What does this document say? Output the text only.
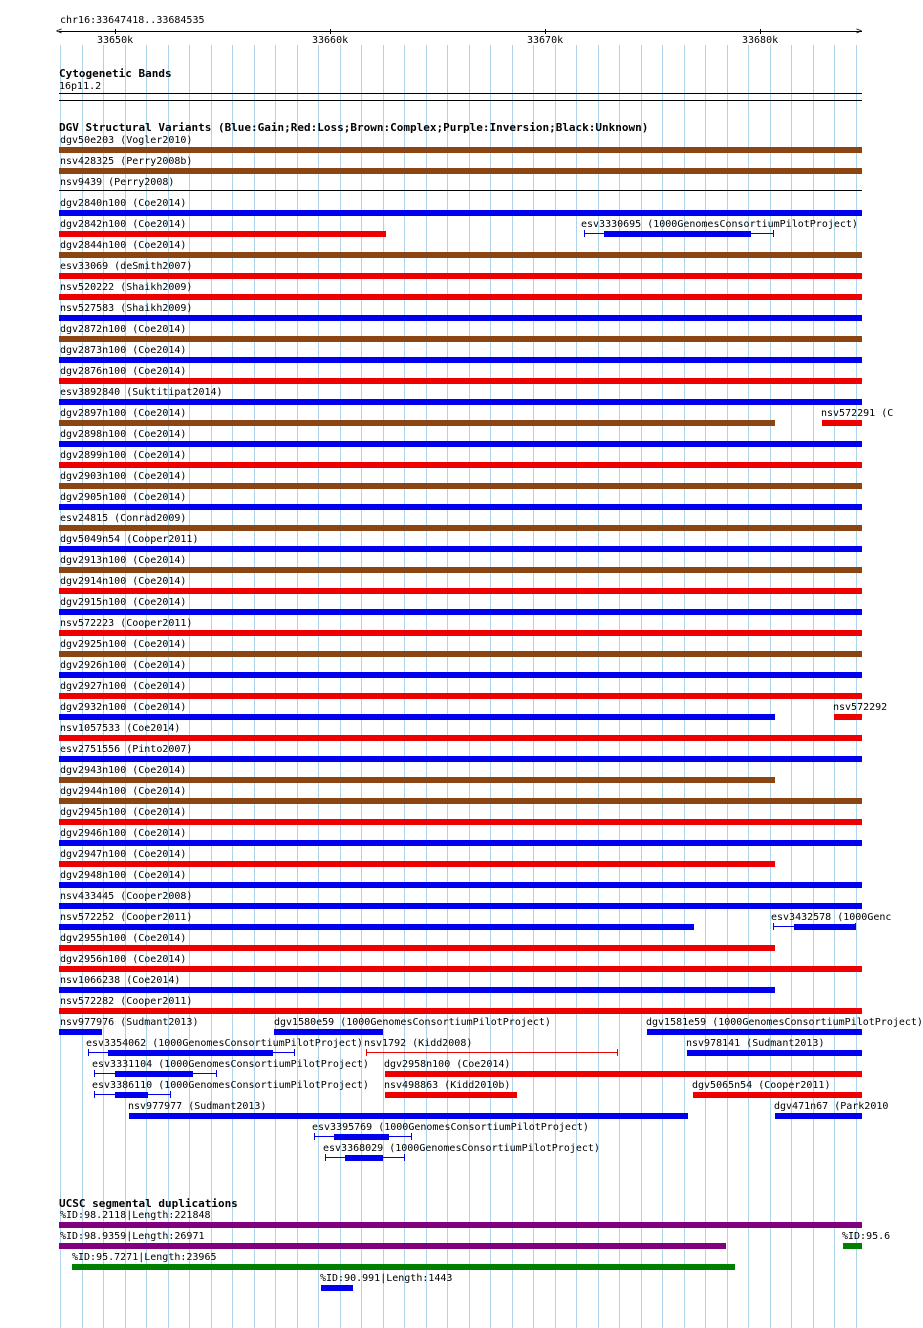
chr16:33647418..33684535
<	>
33650k	33660k	33670k	33680k
Cytogenetic Bands
16p11.2
DGV Structural Variants (Blue:Gain;Red:Loss;Brown:Complex;Purple:Inversion;Black:Unknown)
dgv50e203 (Vogler2010)
nsv428325 (Perry2008b)
nsv9439 (Perry2008)
dgv2840n100 (Coe2014)
dgv2842n100 (Coe2014)	esv3330695 (1000GenomesConsortiumPilotProject)
dgv2844n100 (Coe2014)
esv33069 (deSmith2007)
nsv520222 (Shaikh2009)
nsv527583 (Shaikh2009)
dgv2872n100 (Coe2014)
dgv2873n100 (Coe2014)
dgv2876n100 (Coe2014)
esv3892840 (Suktitipat2014)
dgv2897n100 (Coe2014)	nsv572291 (C
dgv2898n100 (Coe2014)
dgv2899n100 (Coe2014)
dgv2903n100 (Coe2014)
dgv2905n100 (Coe2014)
esv24815 (Conrad2009)
dgv5049n54 (Cooper2011)
dgv2913n100 (Coe2014)
dgv2914n100 (Coe2014)
dgv2915n100 (Coe2014)
nsv572223 (Cooper2011)
dgv2925n100 (Coe2014)
dgv2926n100 (Coe2014)
dgv2927n100 (Coe2014)
dgv2932n100 (Coe2014)	nsv572292
nsv1057533 (Coe2014)
esv2751556 (Pinto2007)
dgv2943n100 (Coe2014)
dgv2944n100 (Coe2014)
dgv2945n100 (Coe2014)
dgv2946n100 (Coe2014)
dgv2947n100 (Coe2014)
dgv2948n100 (Coe2014)
nsv433445 (Cooper2008)
nsv572252 (Cooper2011)	esv3432578 (1000Genc
dgv2955n100 (Coe2014)
dgv2956n100 (Coe2014)
nsv1066238 (Coe2014)
nsv572282 (Cooper2011)
nsv977976 (Sudmant2013)	dgv1580e59 (1000GenomesConsortiumPilotProject)	dgv1581e59 (1000GenomesConsortiumPilotProject)
esv3354062 (1000GenomesConsortiumPilotProject) nsv1792 (Kidd2008)	nsv978141 (Sudmant2013)
esv3331104 (1000GenomesConsortiumPilotProject) dgv2958n100 (Coe2014)
esv3386110 (1000GenomesConsortiumPilotProject) nsv498863 (Kidd2010b)	dgv5065n54 (Cooper2011)
nsv977977 (Sudmant2013)	dgv471n67 (Park2010
esv3395769 (1000GenomesConsortiumPilotProject)
esv3368029 (1000GenomesConsortiumPilotProject)
UCSC segmental duplications
%ID:98.2118|Length:221848
%ID:98.9359|Length:26971	%ID:95.6
%ID:95.7271|Length:23965
%ID:90.991|Length:1443
